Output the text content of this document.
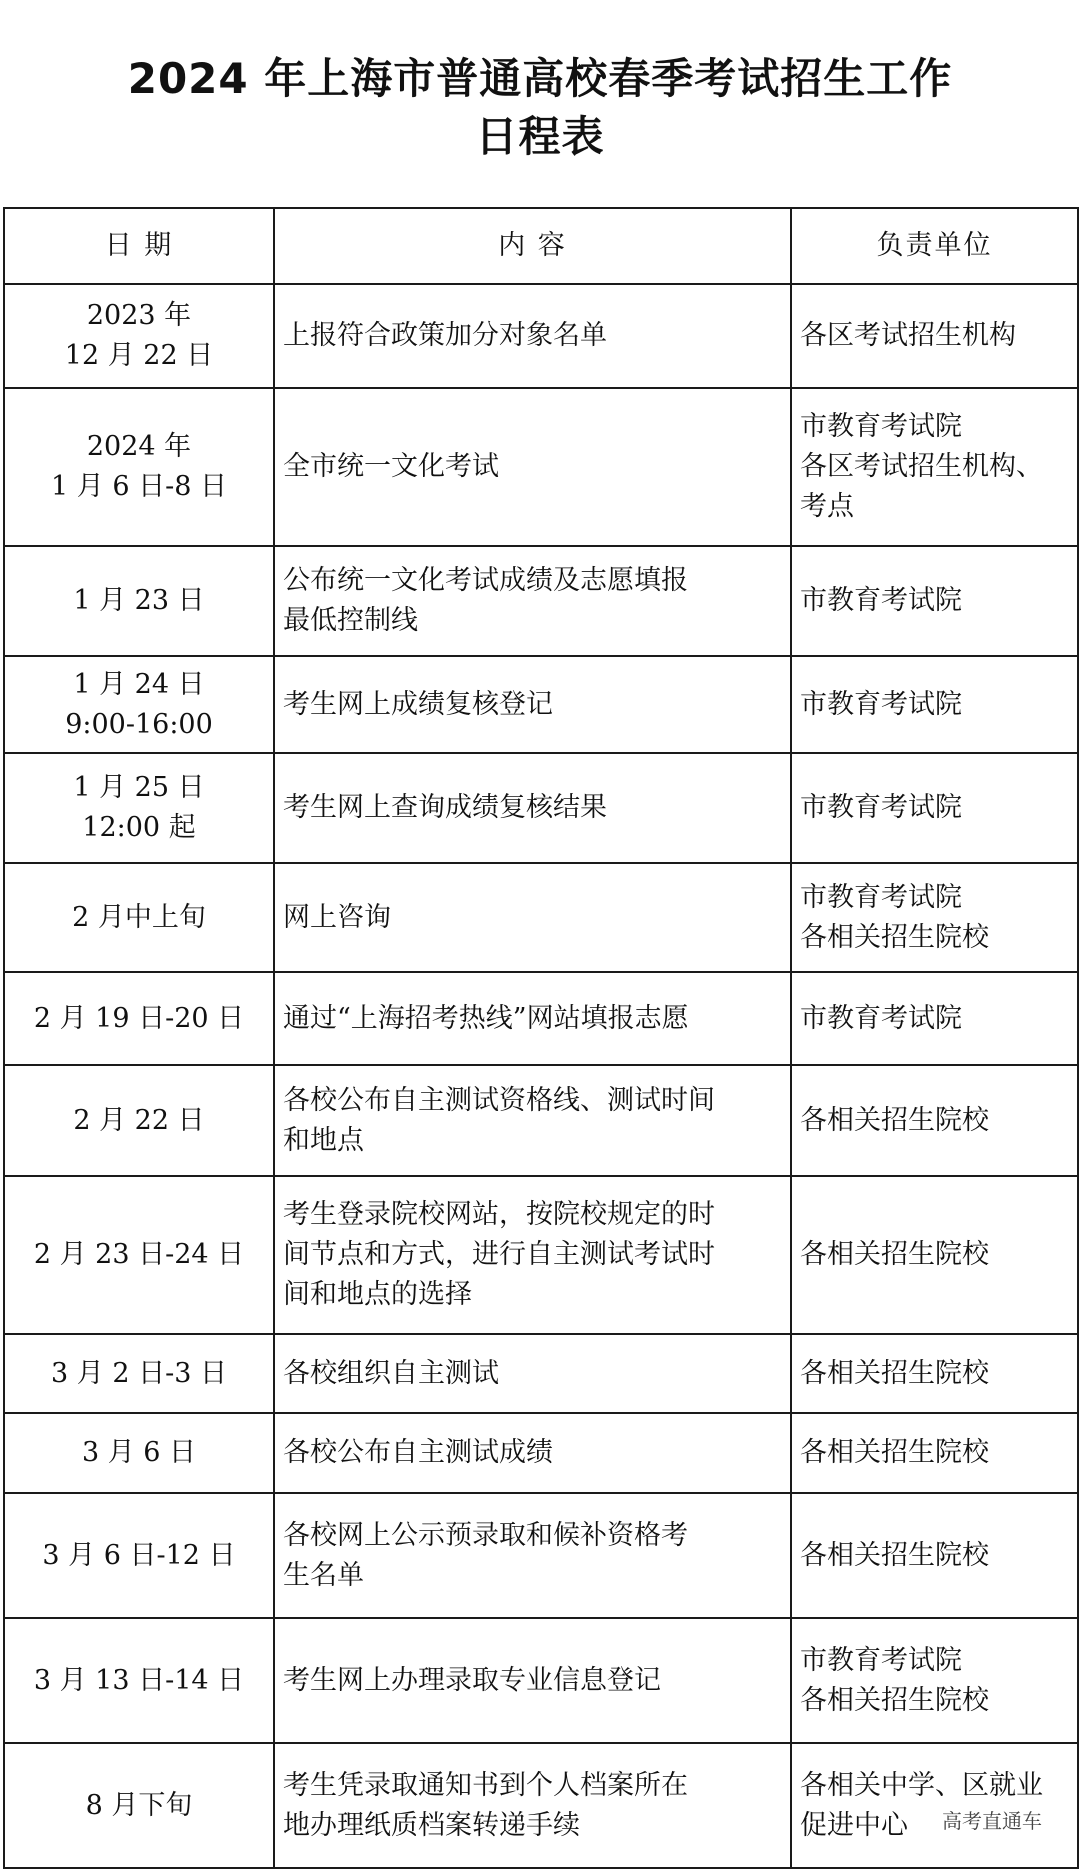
2024 年上海市普通高校春季考试招生工作
日程表
日 期	内 容	负责单位
2023 年
12 月 22 日	上报符合政策加分对象名单	各区考试招生机构
2024 年
1 月 6 日-8 日	全市统一文化考试	市教育考试院
各区考试招生机构、
考点
1 月 23 日	公布统一文化考试成绩及志愿填报
最低控制线	市教育考试院
1 月 24 日
9:00-16:00	考生网上成绩复核登记	市教育考试院
1 月 25 日
12:00 起	考生网上查询成绩复核结果	市教育考试院
2 月中上旬	网上咨询	市教育考试院
各相关招生院校
2 月 19 日-20 日	通过“上海招考热线”网站填报志愿	市教育考试院
2 月 22 日	各校公布自主测试资格线、测试时间
和地点	各相关招生院校
2 月 23 日-24 日	考生登录院校网站，按院校规定的时
间节点和方式，进行自主测试考试时
间和地点的选择	各相关招生院校
3 月 2 日-3 日	各校组织自主测试	各相关招生院校
3 月 6 日	各校公布自主测试成绩	各相关招生院校
3 月 6 日-12 日	各校网上公示预录取和候补资格考
生名单	各相关招生院校
3 月 13 日-14 日	考生网上办理录取专业信息登记	市教育考试院
各相关招生院校
8 月下旬	考生凭录取通知书到个人档案所在
地办理纸质档案转递手续	各相关中学、区就业
促进中心 高考直通车
